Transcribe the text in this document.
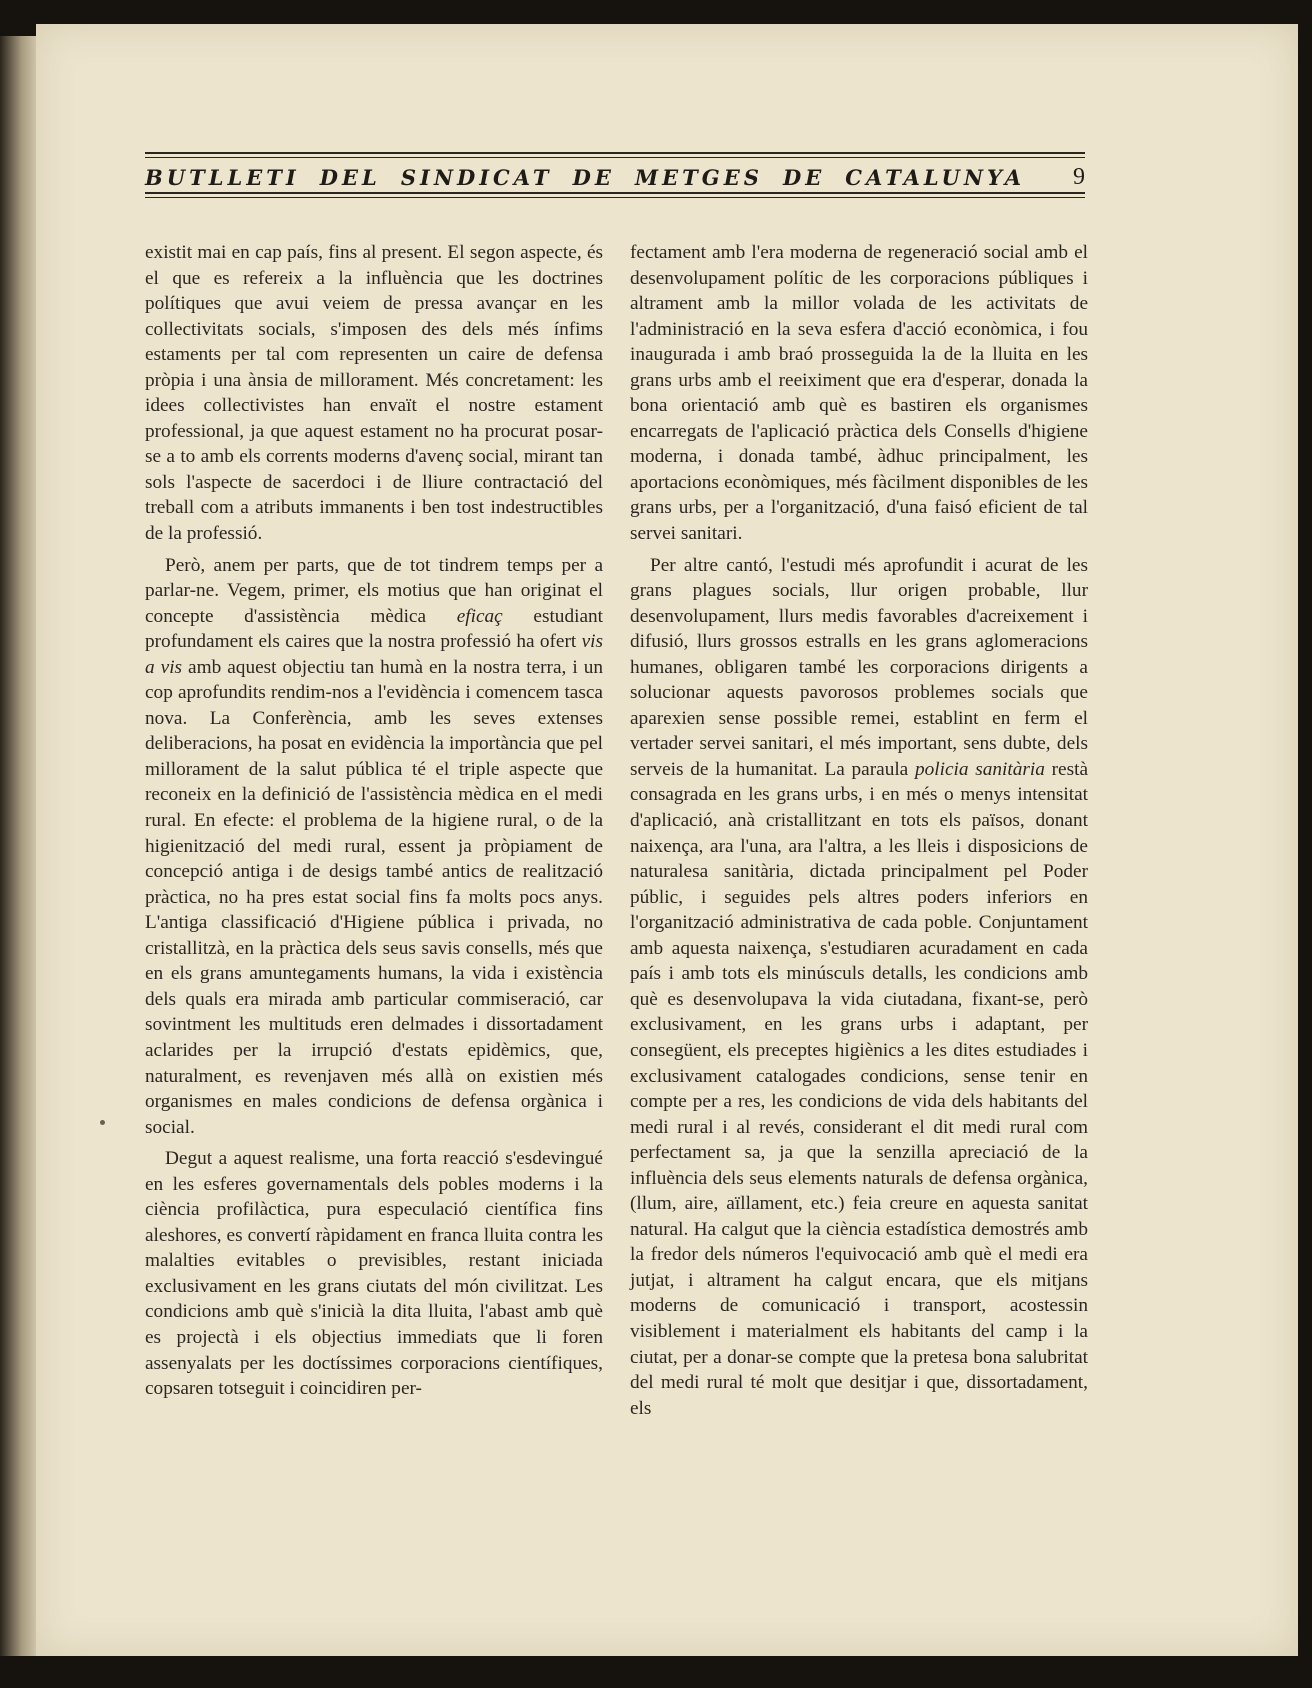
BUTLLETI DEL SINDICAT DE METGES DE CATALUNYA 9

existit mai en cap país, fins al present. El segon aspecte, és el que es refereix a la influència que les doctrines polítiques que avui veiem de pressa avançar en les collectivitats socials, s'imposen des dels més ínfims estaments per tal com representen un caire de defensa pròpia i una ànsia de millorament. Més concretament: les idees collectivistes han envaït el nostre estament professional, ja que aquest estament no ha procurat posar-se a to amb els corrents moderns d'avenç social, mirant tan sols l'aspecte de sacerdoci i de lliure contractació del treball com a atributs immanents i ben tost indestructibles de la professió.

Però, anem per parts, que de tot tindrem temps per a parlar-ne. Vegem, primer, els motius que han originat el concepte d'assistència mèdica eficaç estudiant profundament els caires que la nostra professió ha ofert vis a vis amb aquest objectiu tan humà en la nostra terra, i un cop aprofundits rendim-nos a l'evidència i comencem tasca nova. La Conferència, amb les seves extenses deliberacions, ha posat en evidència la importància que pel millorament de la salut pública té el triple aspecte que reconeix en la definició de l'assistència mèdica en el medi rural. En efecte: el problema de la higiene rural, o de la higienització del medi rural, essent ja pròpiament de concepció antiga i de desigs també antics de realització pràctica, no ha pres estat social fins fa molts pocs anys. L'antiga classificació d'Higiene pública i privada, no cristallitzà, en la pràctica dels seus savis consells, més que en els grans amuntegaments humans, la vida i existència dels quals era mirada amb particular commiseració, car sovintment les multituds eren delmades i dissortadament aclarides per la irrupció d'estats epidèmics, que, naturalment, es revenjaven més allà on existien més organismes en males condicions de defensa orgànica i social.

Degut a aquest realisme, una forta reacció s'esdevingué en les esferes governamentals dels pobles moderns i la ciència profilàctica, pura especulació científica fins aleshores, es convertí ràpidament en franca lluita contra les malalties evitables o previsibles, restant iniciada exclusivament en les grans ciutats del món civilitzat. Les condicions amb què s'inicià la dita lluita, l'abast amb què es projectà i els objectius immediats que li foren assenyalats per les doctíssimes corporacions científiques, copsaren totseguit i coincidiren per-

fectament amb l'era moderna de regeneració social amb el desenvolupament polític de les corporacions públiques i altrament amb la millor volada de les activitats de l'administració en la seva esfera d'acció econòmica, i fou inaugurada i amb braó prosseguida la de la lluita en les grans urbs amb el reeiximent que era d'esperar, donada la bona orientació amb què es bastiren els organismes encarregats de l'aplicació pràctica dels Consells d'higiene moderna, i donada també, àdhuc principalment, les aportacions econòmiques, més fàcilment disponibles de les grans urbs, per a l'organització, d'una faisó eficient de tal servei sanitari.

Per altre cantó, l'estudi més aprofundit i acurat de les grans plagues socials, llur origen probable, llur desenvolupament, llurs medis favorables d'acreixement i difusió, llurs grossos estralls en les grans aglomeracions humanes, obligaren també les corporacions dirigents a solucionar aquests pavorosos problemes socials que aparexien sense possible remei, establint en ferm el vertader servei sanitari, el més important, sens dubte, dels serveis de la humanitat. La paraula policia sanitària restà consagrada en les grans urbs, i en més o menys intensitat d'aplicació, anà cristallitzant en tots els països, donant naixença, ara l'una, ara l'altra, a les lleis i disposicions de naturalesa sanitària, dictada principalment pel Poder públic, i seguides pels altres poders inferiors en l'organització administrativa de cada poble. Conjuntament amb aquesta naixença, s'estudiaren acuradament en cada país i amb tots els minúsculs detalls, les condicions amb què es desenvolupava la vida ciutadana, fixant-se, però exclusivament, en les grans urbs i adaptant, per consegüent, els preceptes higiènics a les dites estudiades i exclusivament catalogades condicions, sense tenir en compte per a res, les condicions de vida dels habitants del medi rural i al revés, considerant el dit medi rural com perfectament sa, ja que la senzilla apreciació de la influència dels seus elements naturals de defensa orgànica, (llum, aire, aïllament, etc.) feia creure en aquesta sanitat natural. Ha calgut que la ciència estadística demostrés amb la fredor dels números l'equivocació amb què el medi era jutjat, i altrament ha calgut encara, que els mitjans moderns de comunicació i transport, acostessin visiblement i materialment els habitants del camp i la ciutat, per a donar-se compte que la pretesa bona salubritat del medi rural té molt que desitjar i que, dissortadament, els
